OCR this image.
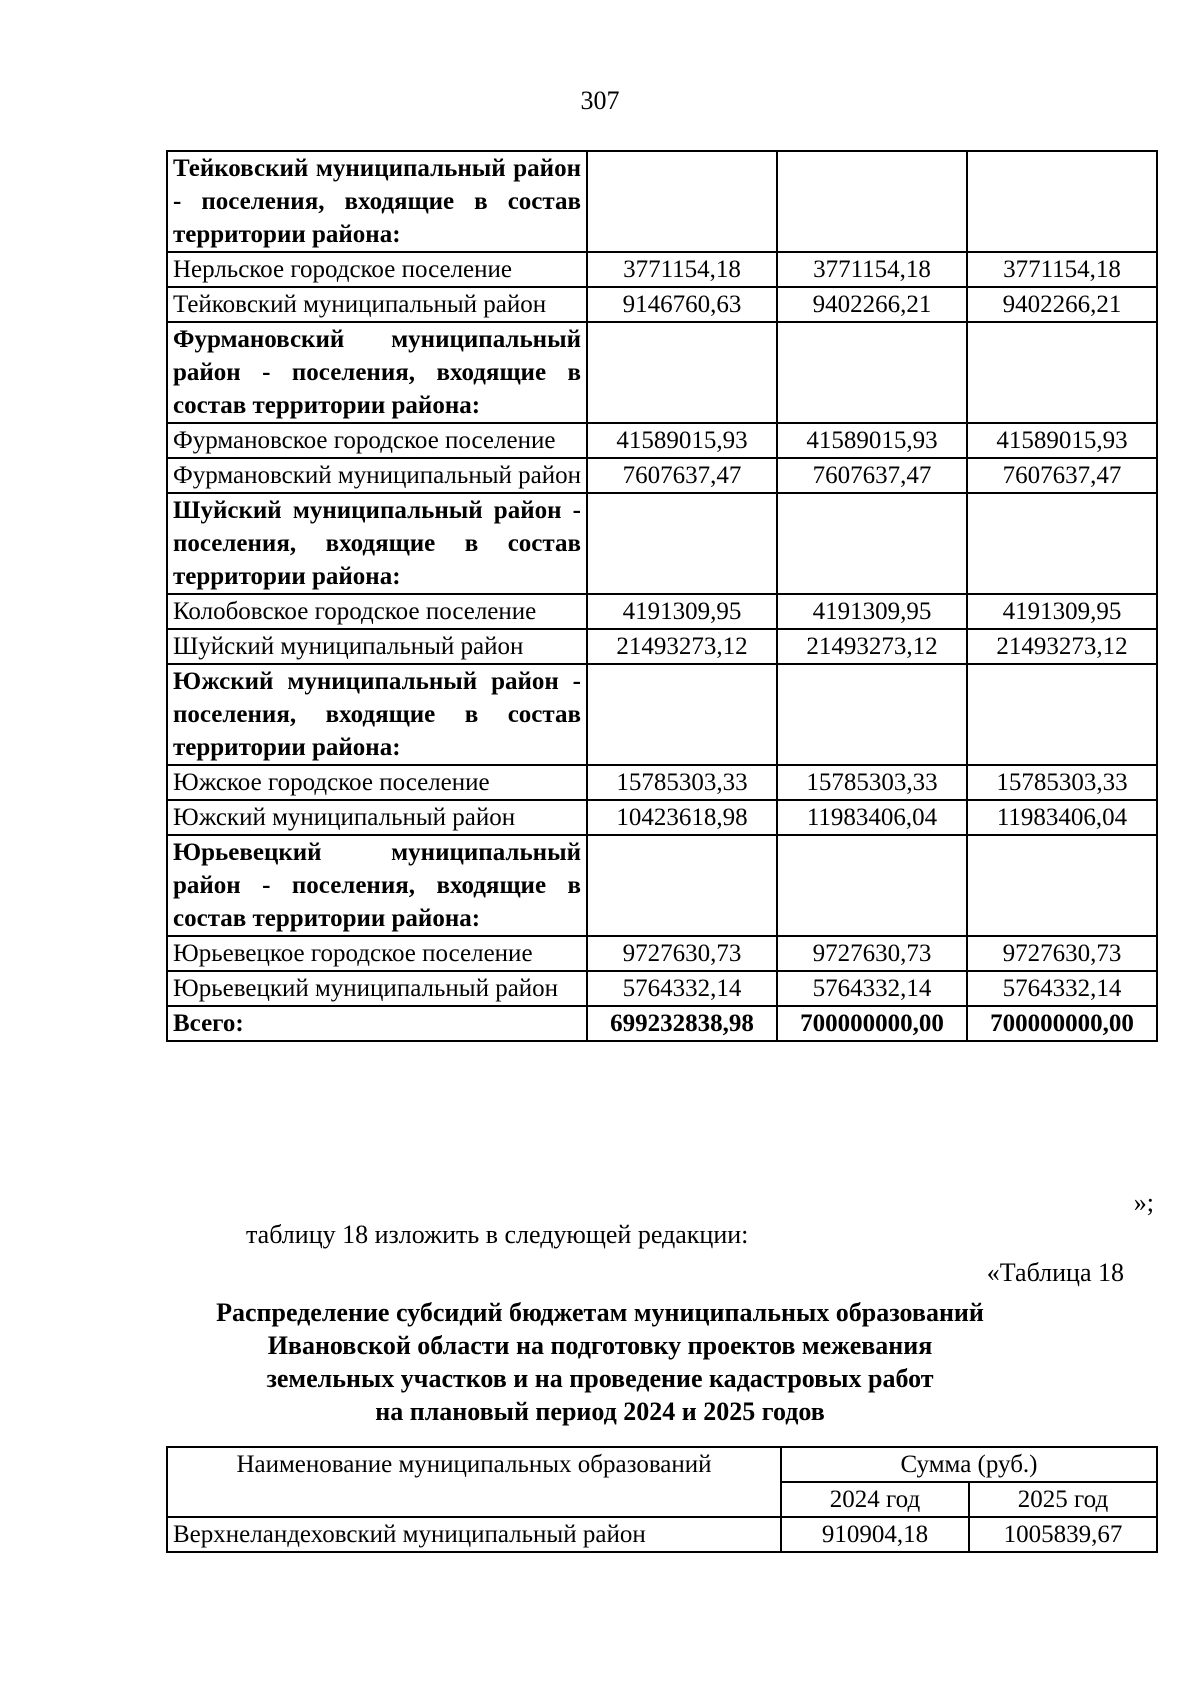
307
Тейковский муниципальный район - поселения, входящие в состав территории района:			
Нерльское городское поселение	3771154,18	3771154,18	3771154,18
Тейковский муниципальный район	9146760,63	9402266,21	9402266,21
Фурмановский муниципальный район - поселения, входящие в состав территории района:			
Фурмановское городское поселение	41589015,93	41589015,93	41589015,93
Фурмановский муниципальный район	7607637,47	7607637,47	7607637,47
Шуйский муниципальный район - поселения, входящие в состав территории района:			
Колобовское городское поселение	4191309,95	4191309,95	4191309,95
Шуйский муниципальный район	21493273,12	21493273,12	21493273,12
Южский муниципальный район - поселения, входящие в состав территории района:			
Южское городское поселение	15785303,33	15785303,33	15785303,33
Южский муниципальный район	10423618,98	11983406,04	11983406,04
Юрьевецкий муниципальный район - поселения, входящие в состав территории района:			
Юрьевецкое городское поселение	9727630,73	9727630,73	9727630,73
Юрьевецкий муниципальный район	5764332,14	5764332,14	5764332,14
Всего:	699232838,98	700000000,00	700000000,00
»;
таблицу 18 изложить в следующей редакции:
«Таблица 18
Распределение субсидий бюджетам муниципальных образований
Ивановской области на подготовку проектов межевания
земельных участков и на проведение кадастровых работ
на плановый период 2024 и 2025 годов
Наименование муниципальных образований	Сумма (руб.)	
	2024 год	2025 год
Верхнеландеховский муниципальный район	910904,18	1005839,67
